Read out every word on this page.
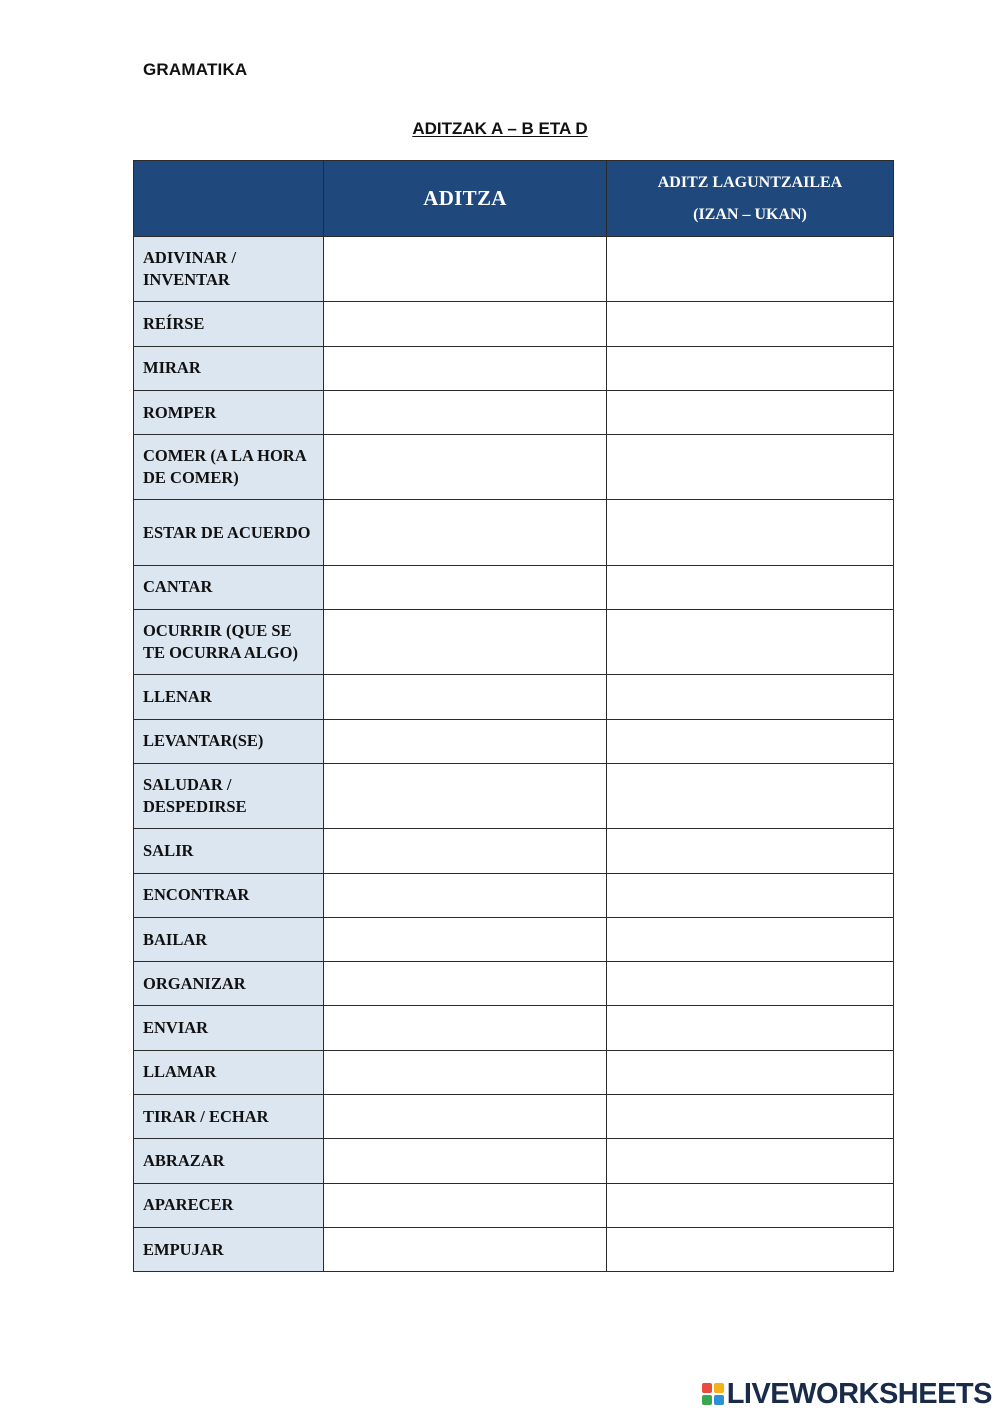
GRAMATIKA
ADITZAK A – B ETA D
	ADITZA	ADITZ LAGUNTZAILEA
(IZAN – UKAN)

ADIVINAR / INVENTAR	

REÍRSE	

MIRAR	

ROMPER	

COMER (A LA HORA DE COMER)	

ESTAR DE ACUERDO	

CANTAR	

OCURRIR (QUE SE TE OCURRA ALGO)	

LLENAR	

LEVANTAR(SE)	

SALUDAR / DESPEDIRSE	

SALIR	

ENCONTRAR	

BAILAR	

ORGANIZAR	

ENVIAR	

LLAMAR	

TIRAR / ECHAR	

ABRAZAR	

APARECER	

EMPUJAR	

LIVEWORKSHEETS
